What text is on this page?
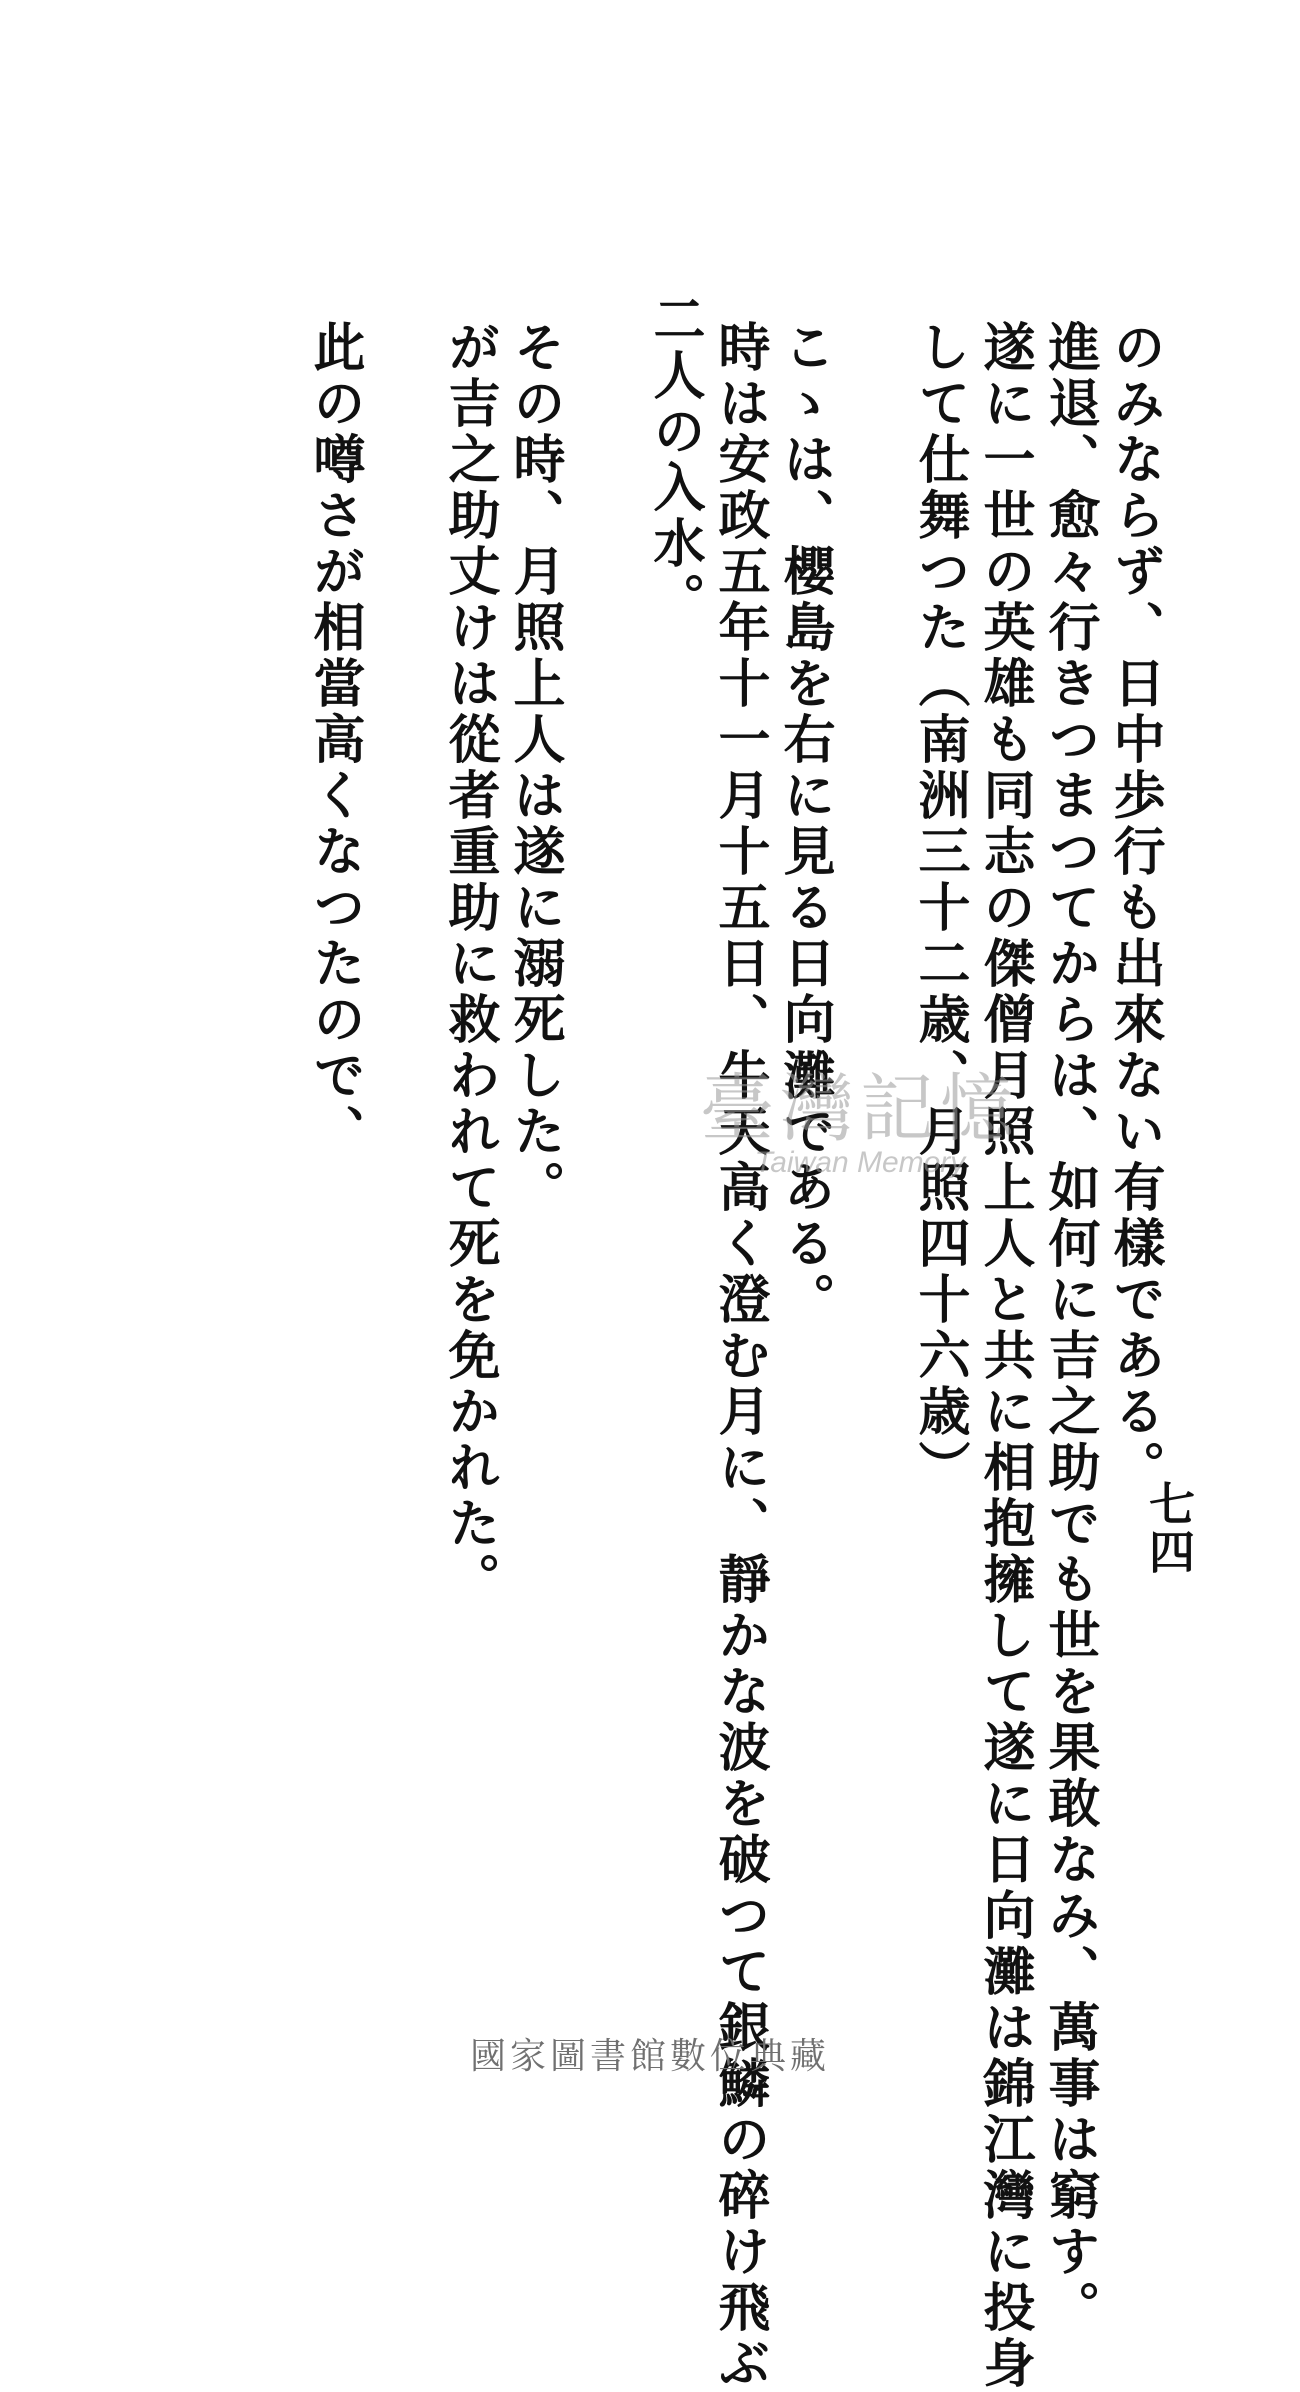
のみならず、日中歩行も出來ない有樣である。
進退、愈々行きつまつてからは、如何に吉之助でも世を果敢なみ、萬事は窮す。
遂に一世の英雄も同志の傑僧月照上人と共に相抱擁して遂に日向灘は錦江灣に投身
して仕舞つた（南洲三十二歳、月照四十六歳）
こゝは、櫻島を右に見る日向灘である。
時は安政五年十一月十五日、牛天高く澄む月に、靜かな波を破つて銀鱗の碎け飛ぶ
二人の入水。
その時、月照上人は遂に溺死した。
が吉之助丈けは從者重助に救われて死を免かれた。
此の噂さが相當高くなつたので、
七四
臺灣記憶
Taiwan Memory
國家圖書館數位典藏
